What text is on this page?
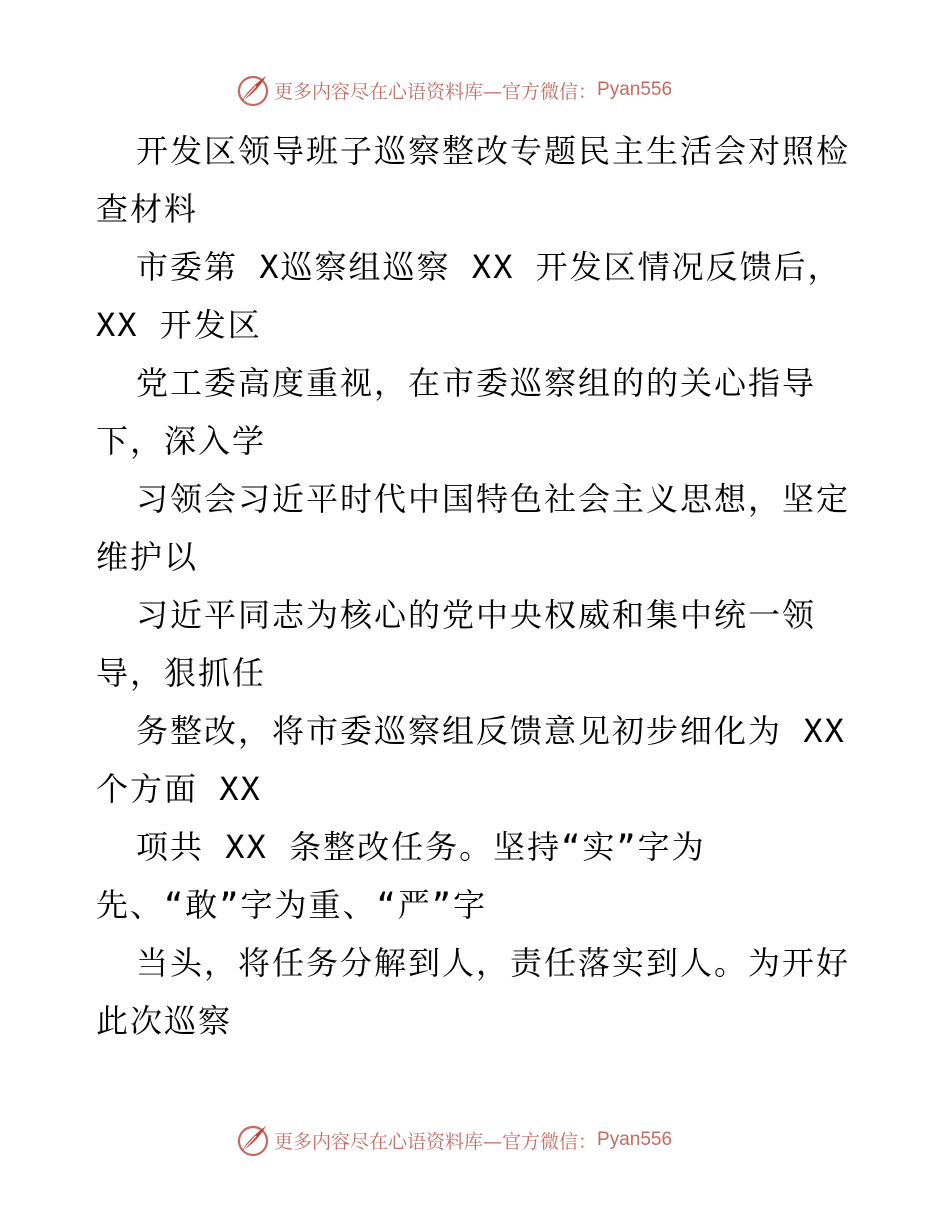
更多内容尽在心语资料库—官方微信： Pyan556
开发区领导班子巡察整改专题民主生活会对照检
查材料
市委第 X巡察组巡察 XX 开发区情况反馈后，
XX 开发区
党工委高度重视，在市委巡察组的的关心指导
下，深入学
习领会习近平时代中国特色社会主义思想，坚定
维护以
习近平同志为核心的党中央权威和集中统一领
导，狠抓任
务整改，将市委巡察组反馈意见初步细化为 XX
个方面 XX
项共 XX 条整改任务。坚持“实”字为
先、“敢”字为重、“严”字
当头，将任务分解到人，责任落实到人。为开好
此次巡察
更多内容尽在心语资料库—官方微信： Pyan556
